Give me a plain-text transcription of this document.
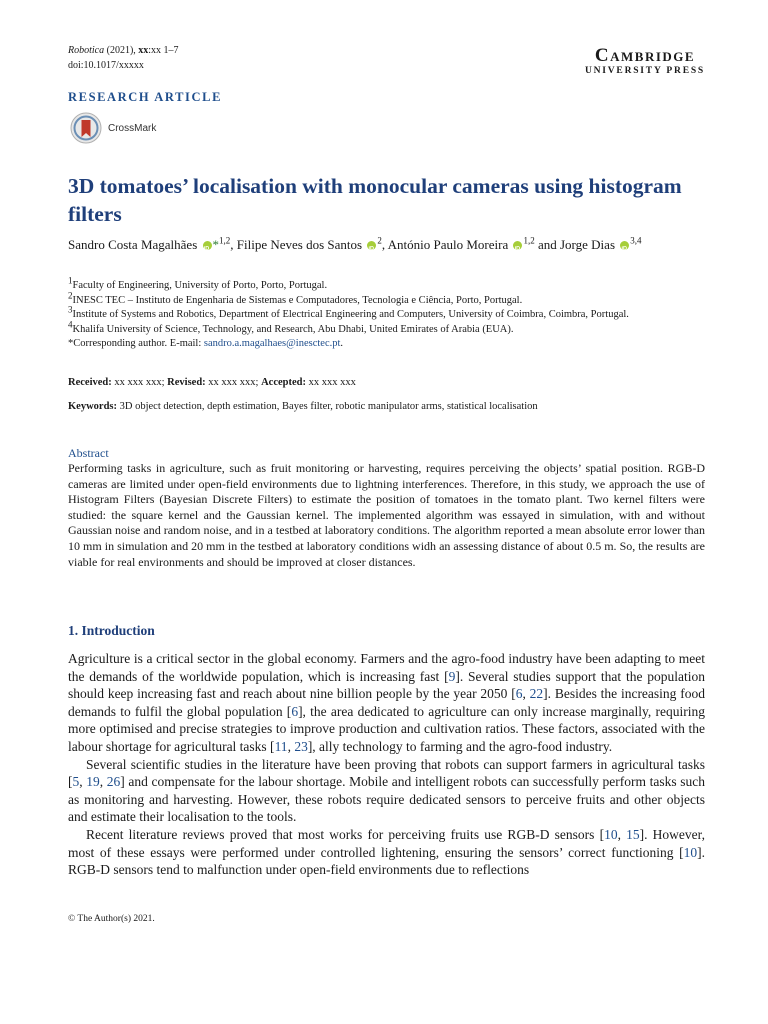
Robotica (2021), xx:xx 1–7
doi:10.1017/xxxxx	Cambridge
UNIVERSITY PRESS
RESEARCH ARTICLE
CrossMark
3D tomatoes’ localisation with monocular cameras using histogram filters
Sandro Costa Magalhães iD *$^{1,2}$, Filipe Neves dos Santos iD $^2$, António Paulo Moreira iD $^{1,2}$ and Jorge Dias iD $^{3,4}$
$^1$Faculty of Engineering, University of Porto, Porto, Portugal.
$^2$INESC TEC – Instituto de Engenharia de Sistemas e Computadores, Tecnologia e Ciência, Porto, Portugal.
$^3$Institute of Systems and Robotics, Department of Electrical Engineering and Computers, University of Coimbra, Coimbra, Portugal.
$^4$Khalifa University of Science, Technology, and Research, Abu Dhabi, United Emirates of Arabia (EUA).
*Corresponding author. E-mail: sandro.a.magalhaes@inesctec.pt.
Received: xx xxx xxx; Revised: xx xxx xxx; Accepted: xx xxx xxx
Keywords: 3D object detection, depth estimation, Bayes filter, robotic manipulator arms, statistical localisation
Abstract
Performing tasks in agriculture, such as fruit monitoring or harvesting, requires perceiving the objects’ spatial position. RGB-D cameras are limited under open-field environments due to lightning interferences. Therefore, in this study, we approach the use of Histogram Filters (Bayesian Discrete Filters) to estimate the position of tomatoes in the tomato plant. Two kernel filters were studied: the square kernel and the Gaussian kernel. The implemented algorithm was essayed in simulation, with and without Gaussian noise and random noise, and in a testbed at laboratory conditions. The algorithm reported a mean absolute error lower than 10 mm in simulation and 20 mm in the testbed at laboratory conditions widh an assessing distance of about 0.5 m. So, the results are viable for real environments and should be improved at closer distances.
1. Introduction

Agriculture is a critical sector in the global economy. Farmers and the agro-food industry have been adapting to meet the demands of the worldwide population, which is increasing fast [9]. Several studies support that the population should keep increasing fast and reach about nine billion people by the year 2050 [6, 22]. Besides the increasing food demands to fulfil the global population [6], the area dedicated to agriculture can only increase marginally, requiring more optimised and precise strategies to improve production and cultivation ratios. These factors, associated with the labour shortage for agricultural tasks [11, 23], ally technology to farming and the agro-food industry.

Several scientific studies in the literature have been proving that robots can support farmers in agricultural tasks [5, 19, 26] and compensate for the labour shortage. Mobile and intelligent robots can successfully perform tasks such as monitoring and harvesting. However, these robots require dedicated sensors to perceive fruits and other objects and estimate their localisation to the tools.

Recent literature reviews proved that most works for perceiving fruits use RGB-D sensors [10, 15]. However, most of these essays were performed under controlled lightening, ensuring the sensors’ correct functioning [10]. RGB-D sensors tend to malfunction under open-field environments due to reflections

© The Author(s) 2021.
